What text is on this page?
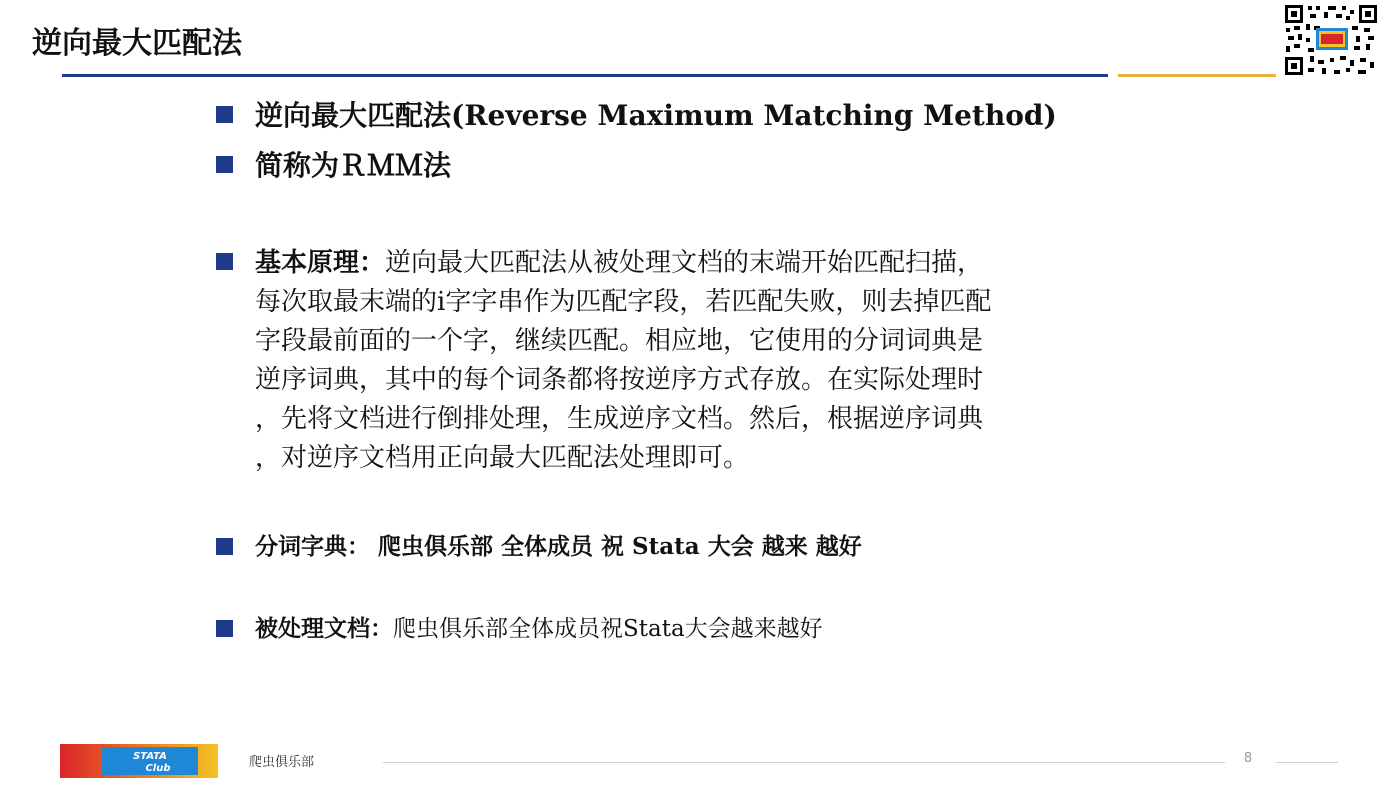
逆向最大匹配法
逆向最大匹配法(Reverse Maximum Matching Method)
简称为ＲＭＭ法
基本原理：逆向最大匹配法从被处理文档的末端开始匹配扫描，
每次取最末端的i字字串作为匹配字段，若匹配失败，则去掉匹配
字段最前面的一个字，继续匹配。相应地，它使用的分词词典是
逆序词典，其中的每个词条都将按逆序方式存放。在实际处理时
，先将文档进行倒排处理，生成逆序文档。然后，根据逆序词典
，对逆序文档用正向最大匹配法处理即可。
分词字典： 爬虫俱乐部 全体成员 祝 Stata 大会 越来 越好
被处理文档： 爬虫俱乐部全体成员祝Stata大会越来越好
STATA
Club	爬虫俱乐部	8
